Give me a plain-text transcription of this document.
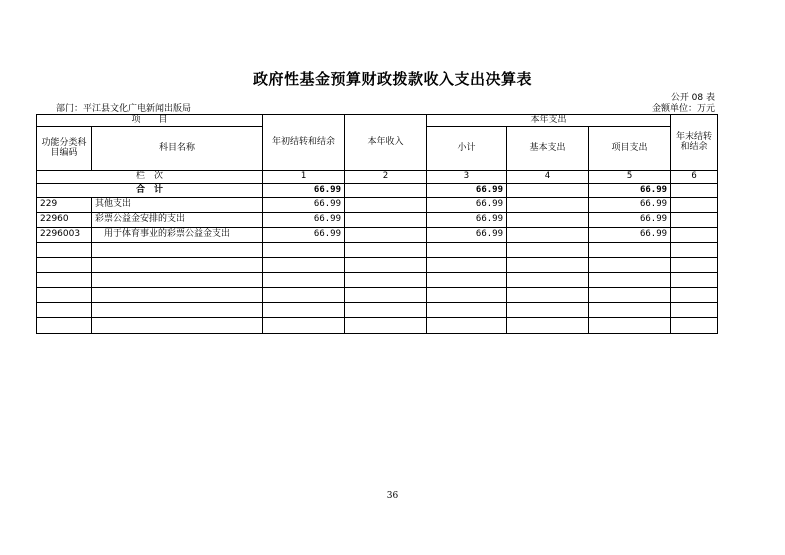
政府性基金预算财政拨款收入支出决算表
公开 08 表
部门：平江县文化广电新闻出版局	金额单位：万元
项　　目		年初结转和结余	本年收入	本年支出			年末结转和结余
功能分类科目编码	科目名称			小计	基本支出	项目支出	
栏　次		1	2	3	4	5	6
合　计		66.99		66.99		66.99	
229	其他支出	66.99		66.99		66.99	
22960	彩票公益金安排的支出	66.99		66.99		66.99	
2296003	　用于体育事业的彩票公益金支出	66.99		66.99		66.99	

36
